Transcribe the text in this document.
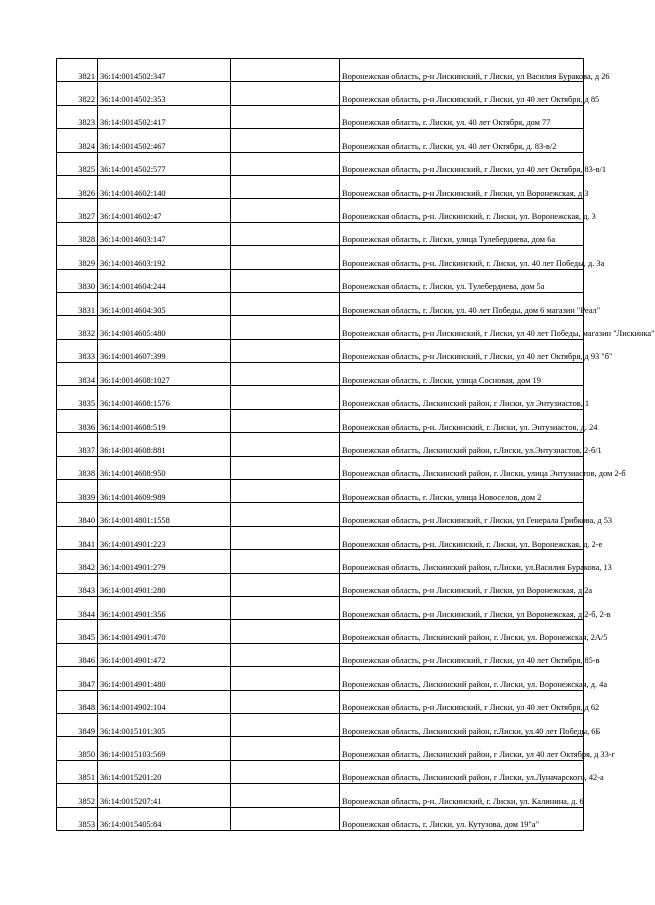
3821	36:14:0014502:347		Воронежская область, р-н Лискинский, г Лиски, ул Василия Буракова, д 26
3822	36:14:0014502:353		Воронежская область, р-н Лискинский, г Лиски, ул 40 лет Октября, д 85
3823	36:14:0014502:417		Воронежская область, г. Лиски, ул. 40 лет Октября, дом 77
3824	36:14:0014502:467		Воронежская область, г. Лиски, ул. 40 лет Октября, д. 83-в/2
3825	36:14:0014502:577		Воронежская область, р-н Лискинский, г Лиски, ул 40 лет Октября, 83-в/1
3826	36:14:0014602:140		Воронежская область, р-н Лискинский, г Лиски, ул Воронежская, д 3
3827	36:14:0014602:47		Воронежская область, р-н. Лискинский, г. Лиски, ул. Воронежская, д. 3
3828	36:14:0014603:147		Воронежская область, г. Лиски, улица Тулебердиева, дом 6а
3829	36:14:0014603:192		Воронежская область, р-н. Лискинский, г. Лиски, ул. 40 лет Победы, д. 3а
3830	36:14:0014604:244		Воронежская область, г. Лиски, ул. Тулебердиева, дом 5а
3831	36:14:0014604:305		Воронежская область, г. Лиски, ул. 40 лет Победы, дом 6 магазин "Реал"
3832	36:14:0014605:480		Воронежская область, р-н Лискинский, г Лиски, ул 40 лет Победы, магазин "Лискинка"
3833	36:14:0014607:399		Воронежская область, р-н Лискинский, г Лиски, ул 40 лет Октября, д 93 "б"
3834	36:14:0014608:1027		Воронежская область, г. Лиски, улица Сосновая, дом 19
3835	36:14:0014608:1576		Воронежская область, Лискинский район, г Лиски, ул Энтузиастов, 1
3836	36:14:0014608:519		Воронежская область, р-н. Лискинский, г. Лиски, ул. Энтузиастов, д. 24
3837	36:14:0014608:881		Воронежская область, Лискинский район, г.Лиски, ул.Энтузиастов, 2-б/1
3838	36:14:0014608:950		Воронежская область, Лискинский район, г. Лиски, улица Энтузиастов, дом 2-б
3839	36:14:0014609:989		Воронежская область, г. Лиски, улица Новоселов, дом 2
3840	36:14:0014801:1558		Воронежская область, р-н Лискинский, г Лиски, ул Генерала Грибкова, д 53
3841	36:14:0014901:223		Воронежская область, р-н. Лискинский, г. Лиски, ул. Воронежская, д. 2-е
3842	36:14:0014901:279		Воронежская область, Лискинский район, г.Лиски, ул.Василия Буракова, 13
3843	36:14:0014901:280		Воронежская область, р-н Лискинский, г Лиски, ул Воронежская, д 2а
3844	36:14:0014901:356		Воронежская область, р-н Лискинский, г Лиски, ул Воронежская, д 2-б, 2-в
3845	36:14:0014901:470		Воронежская область, Лискинский район, г. Лиски, ул. Воронежская, 2А/5
3846	36:14:0014901:472		Воронежская область, р-н Лискинский, г Лиски, ул 40 лет Октября, 85-в
3847	36:14:0014901:480		Воронежская область, Лискинский район, г. Лиски, ул. Воронежская, д. 4а
3848	36:14:0014902:104		Воронежская область, р-н Лискинский, г Лиски, ул 40 лет Октября, д 62
3849	36:14:0015101:305		Воронежская область, Лискинский район, г.Лиски, ул.40 лет Победы, 6Б
3850	36:14:0015103:569		Воронежская область, Лискинский район, г Лиски, ул 40 лет Октября, д 33-г
3851	36:14:0015201:20		Воронежская область, Лискинский район, г Лиски, ул.Луначарского, 42-а
3852	36:14:0015207:41		Воронежская область, р-н. Лискинский, г. Лиски, ул. Калинина, д. 6
3853	36:14:0015405:84		Воронежская область, г. Лиски, ул. Кутузова, дом 19"а"
